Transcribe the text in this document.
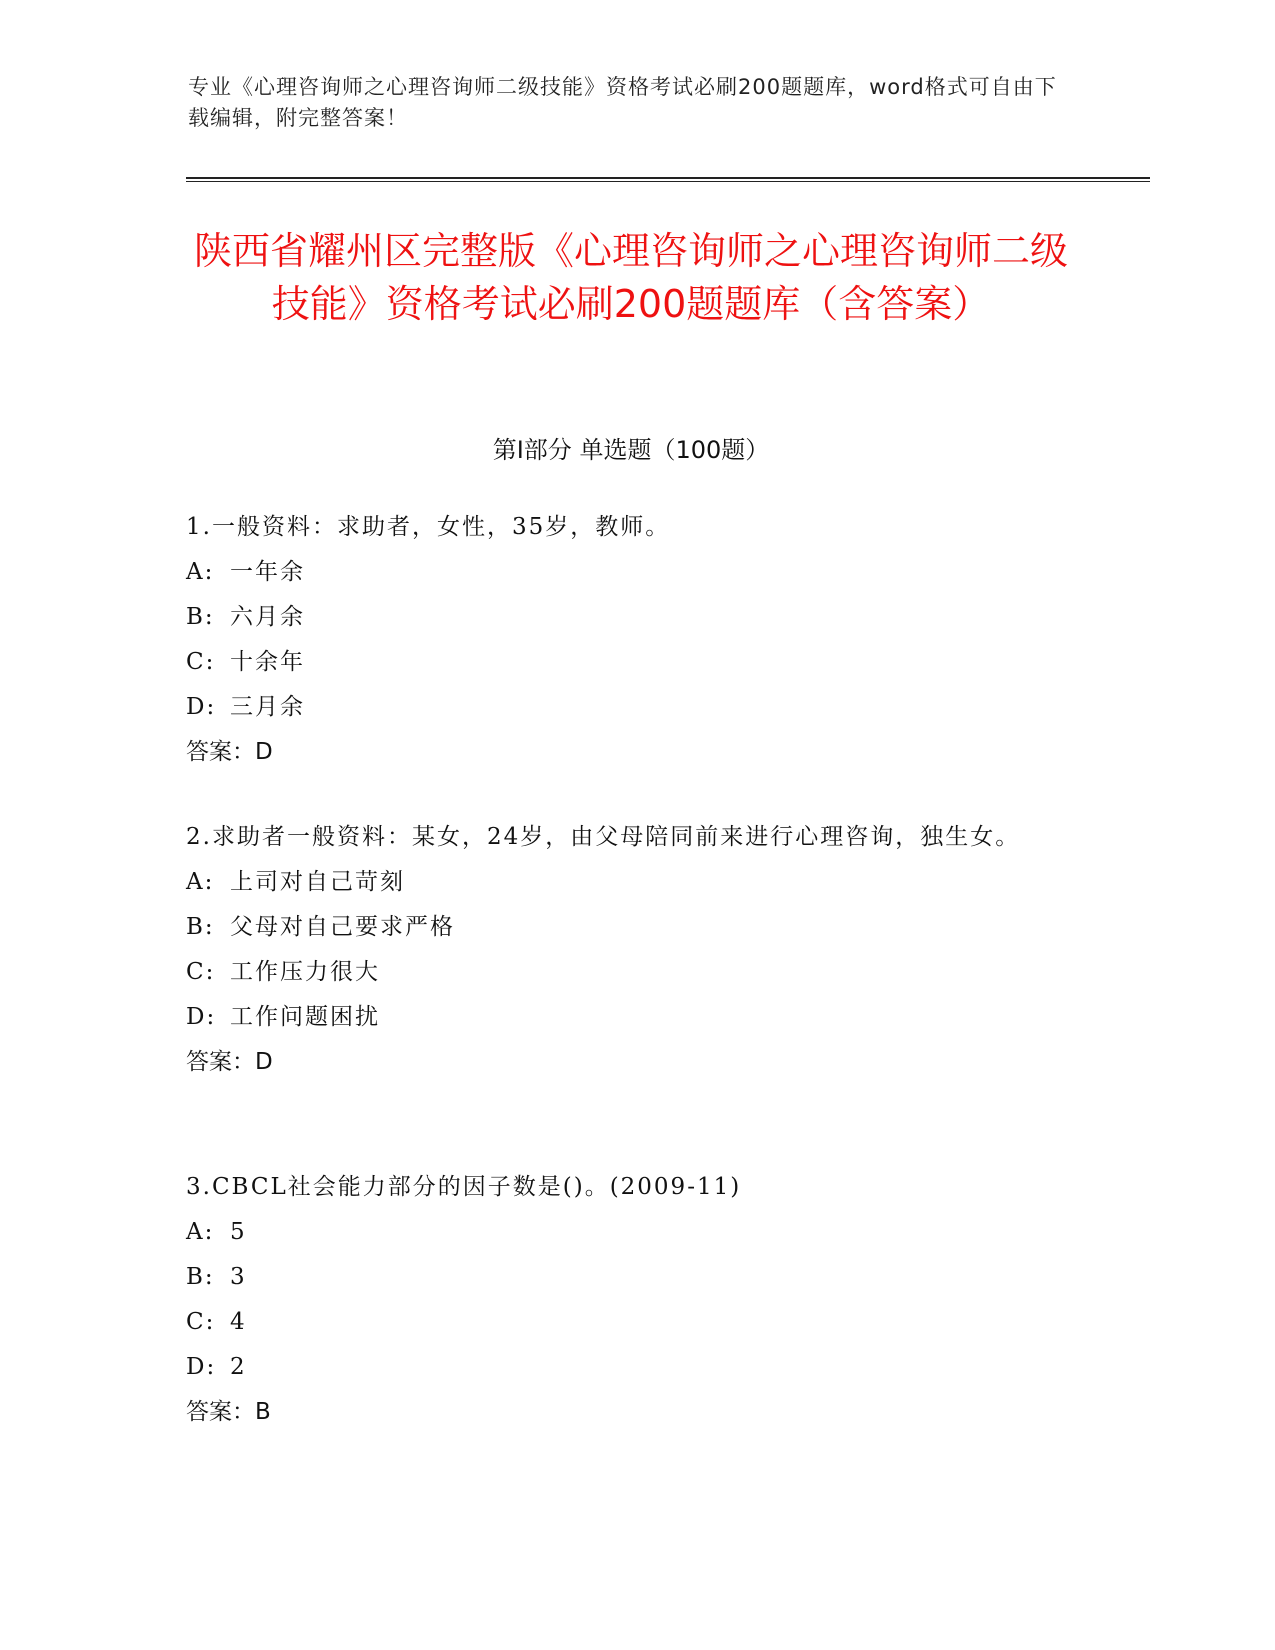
专业《心理咨询师之心理咨询师二级技能》资格考试必刷200题题库，word格式可自由下载编辑，附完整答案！
陕西省耀州区完整版《心理咨询师之心理咨询师二级技能》资格考试必刷200题题库（含答案）
第Ⅰ部分 单选题（100题）

1.一般资料：求助者，女性，35岁，教师。

A: 一年余

B: 六月余

C: 十余年

D: 三月余

答案：D

2.求助者一般资料：某女，24岁，由父母陪同前来进行心理咨询，独生女。

A: 上司对自己苛刻

B: 父母对自己要求严格

C: 工作压力很大

D: 工作问题困扰

答案：D

3.CBCL社会能力部分的因子数是()。(2009-11)

A: 5

B: 3

C: 4

D: 2

答案：B
